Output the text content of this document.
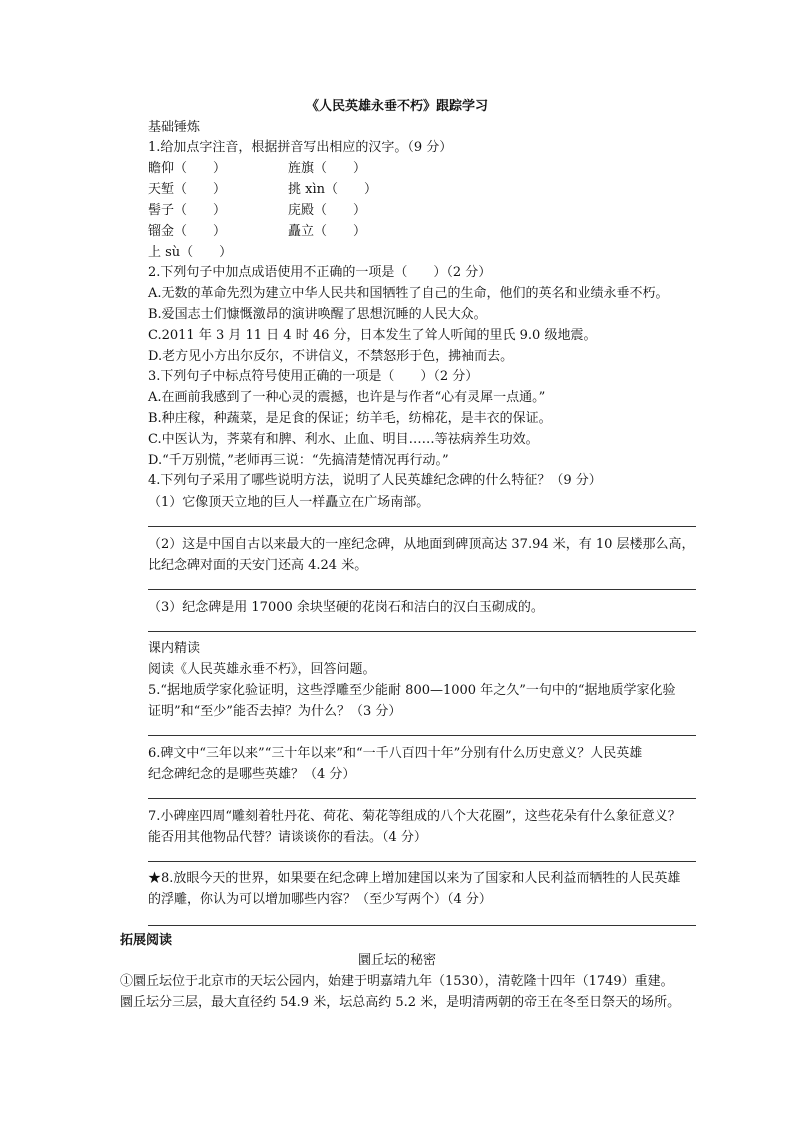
《人民英雄永垂不朽》跟踪学习
基础锤炼
1.给加点字注音，根据拼音写出相应的汉字。（9 分）
瞻仰（　　）	旌旗（　　）
天堑（　　）	挑 xìn（　　）
髻子（　　）	庑殿（　　）
镏金（　　）	矗立（　　）
上 sù（　　）
2.下列句子中加点成语使用不正确的一项是（　　）（2 分）
A.无数的革命先烈为建立中华人民共和国牺牲了自己的生命，他们的英名和业绩永垂不朽。
B.爱国志士们慷慨激昂的演讲唤醒了思想沉睡的人民大众。
C.2011 年 3 月 11 日 4 时 46 分，日本发生了耸人听闻的里氏 9.0 级地震。
D.老方见小方出尔反尔，不讲信义，不禁怒形于色，拂袖而去。
3.下列句子中标点符号使用正确的一项是（　　）（2 分）
A.在画前我感到了一种心灵的震撼，也许是与作者“心有灵犀一点通。”
B.种庄稼，种蔬菜，是足食的保证；纺羊毛，纺棉花，是丰衣的保证。
C.中医认为，荠菜有和脾、利水、止血、明目……等祛病养生功效。
D.“千万别慌，”老师再三说：“先搞清楚情况再行动。”
4.下列句子采用了哪些说明方法，说明了人民英雄纪念碑的什么特征？（9 分）
（1）它像顶天立地的巨人一样矗立在广场南部。
（2）这是中国自古以来最大的一座纪念碑，从地面到碑顶高达 37.94 米，有 10 层楼那么高，
比纪念碑对面的天安门还高 4.24 米。
（3）纪念碑是用 17000 余块坚硬的花岗石和洁白的汉白玉砌成的。
课内精读
阅读《人民英雄永垂不朽》，回答问题。
5.“据地质学家化验证明，这些浮雕至少能耐 800—1000 年之久”一句中的“据地质学家化验
证明”和“至少”能否去掉？为什么？（3 分）
6.碑文中“三年以来”“三十年以来”和“一千八百四十年”分别有什么历史意义？人民英雄
纪念碑纪念的是哪些英雄？（4 分）
7.小碑座四周“雕刻着牡丹花、荷花、菊花等组成的八个大花圈”，这些花朵有什么象征意义？
能否用其他物品代替？请谈谈你的看法。（4 分）
★8.放眼今天的世界，如果要在纪念碑上增加建国以来为了国家和人民利益而牺牲的人民英雄
的浮雕，你认为可以增加哪些内容？（至少写两个）（4 分）
拓展阅读
圜丘坛的秘密
①圜丘坛位于北京市的天坛公园内，始建于明嘉靖九年（1530），清乾隆十四年（1749）重建。
圜丘坛分三层，最大直径约 54.9 米，坛总高约 5.2 米，是明清两朝的帝王在冬至日祭天的场所。
